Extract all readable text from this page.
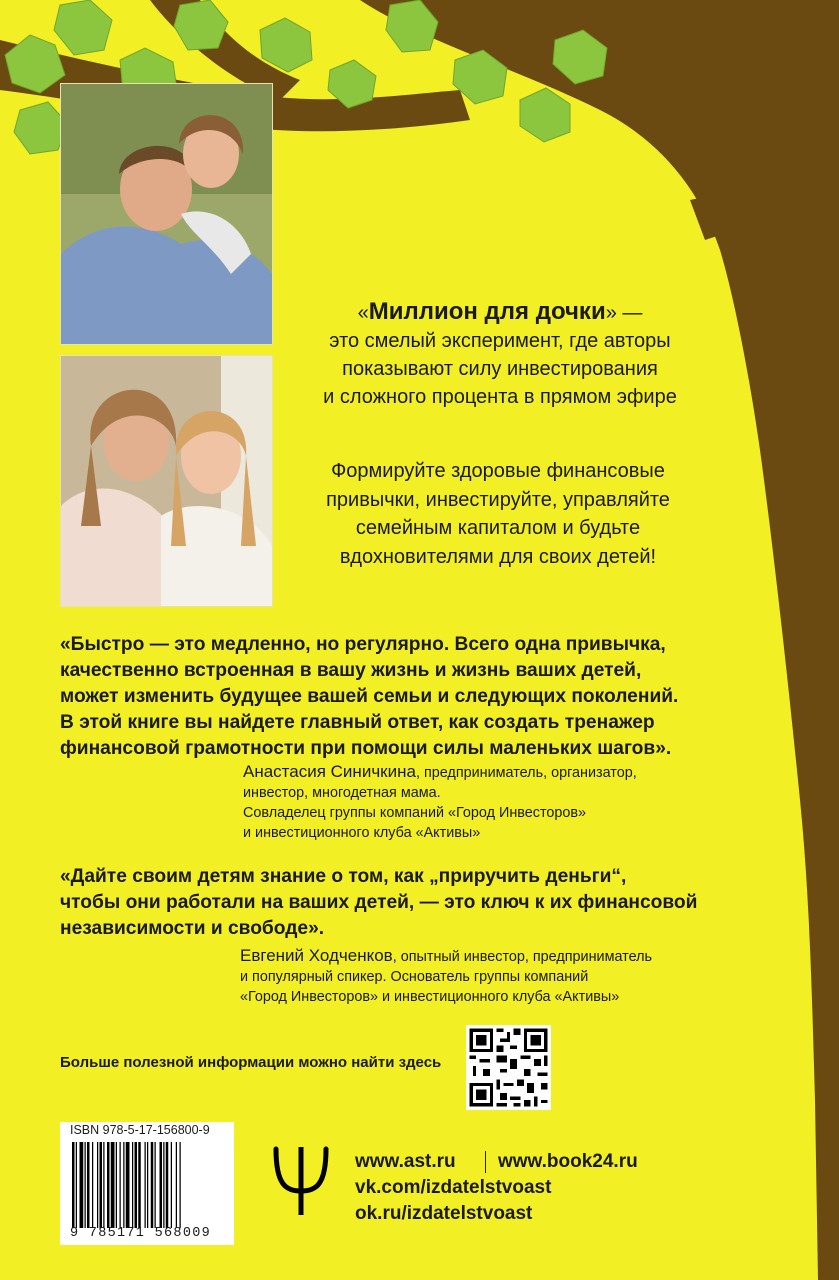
«Миллион для дочки» —

это смелый эксперимент, где авторы

показывают силу инвестирования

и сложного процента в прямом эфире

Формируйте здоровые финансовые

привычки, инвестируйте, управляйте

семейным капиталом и будьте

вдохновителями для своих детей!

«Быстро — это медленно, но регулярно. Всего одна привычка,

качественно встроенная в вашу жизнь и жизнь ваших детей,

может изменить будущее вашей семьи и следующих поколений.

В этой книге вы найдете главный ответ, как создать тренажер

финансовой грамотности при помощи силы маленьких шагов».

Анастасия Синичкина, предприниматель, организатор,

инвестор, многодетная мама.

Совладелец группы компаний «Город Инвесторов»

и инвестиционного клуба «Активы»

«Дайте своим детям знание о том, как „приручить деньги“,

чтобы они работали на ваших детей, — это ключ к их финансовой

независимости и свободе».

Евгений Ходченков, опытный инвестор, предприниматель

и популярный спикер. Основатель группы компаний

«Город Инвесторов» и инвестиционного клуба «Активы»

Больше полезной информации можно найти здесь
ISBN 978-5-17-156800-9
9 785171 568009
www.ast.ru	www.book24.ru
vk.com/izdatelstvoast
ok.ru/izdatelstvoast
